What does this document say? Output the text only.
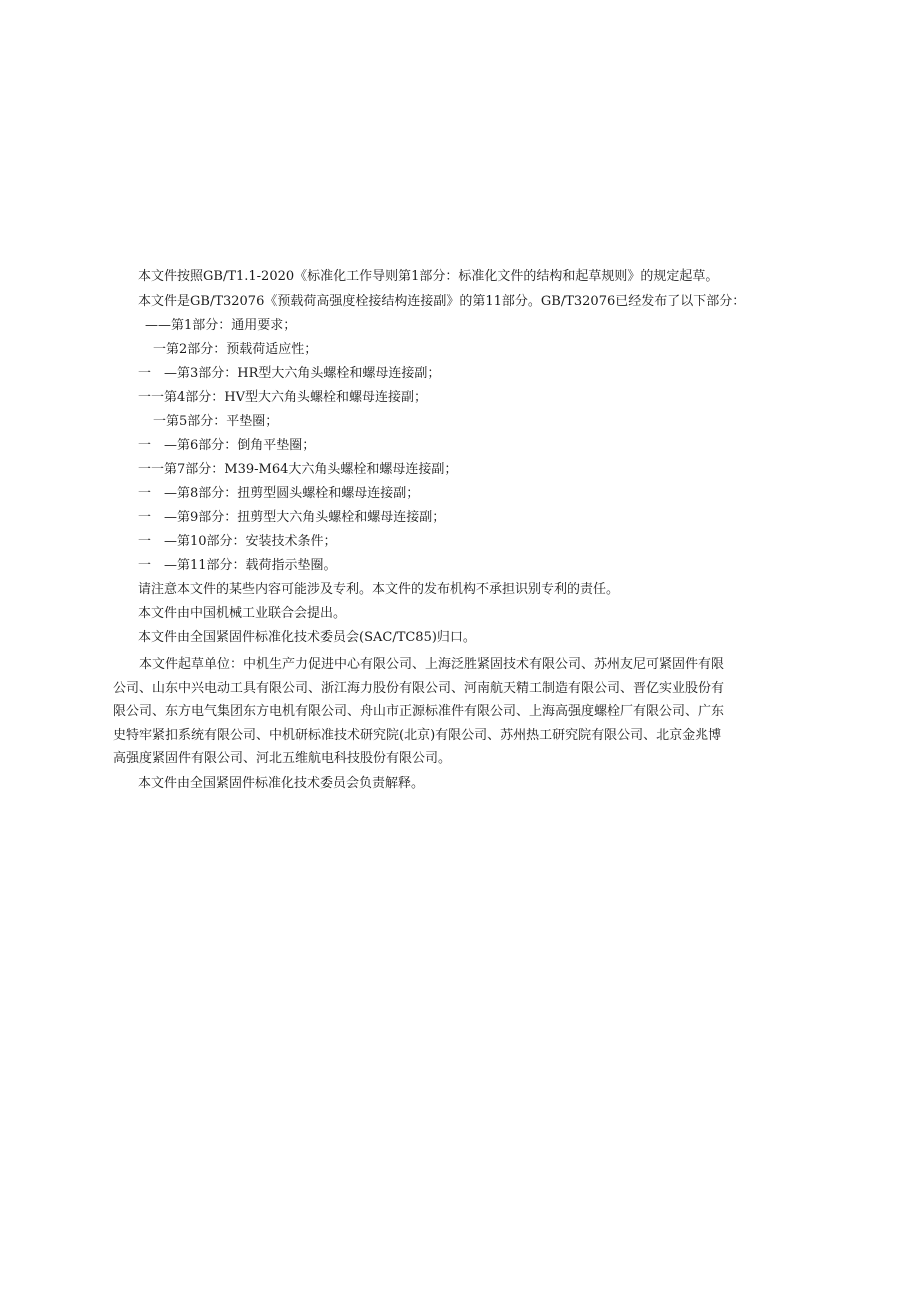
本文件按照GB/T1.1-2020《标准化工作导则第1部分：标准化文件的结构和起草规则》的规定起草。
本文件是GB/T32076《预载荷高强度栓接结构连接副》的第11部分。GB/T32076已经发布了以下部分：
——第1部分：通用要求；
一第2部分：预载荷适应性；
一　—第3部分：HR型大六角头螺栓和螺母连接副；
一一第4部分：HV型大六角头螺栓和螺母连接副；
一第5部分：平垫圈；
一　—第6部分：倒角平垫圈；
一一第7部分：M39-M64大六角头螺栓和螺母连接副；
一　—第8部分：扭剪型圆头螺栓和螺母连接副；
一　—第9部分：扭剪型大六角头螺栓和螺母连接副；
一　—第10部分：安装技术条件；
一　—第11部分：载荷指示垫圈。
请注意本文件的某些内容可能涉及专利。本文件的发布机构不承担识别专利的责任。
本文件由中国机械工业联合会提出。
本文件由全国紧固件标准化技术委员会(SAC/TC85)归口。
　　本文件起草单位：中机生产力促进中心有限公司、上海泛胜紧固技术有限公司、苏州友尼可紧固件有限
公司、山东中兴电动工具有限公司、浙江海力股份有限公司、河南航天精工制造有限公司、晋亿实业股份有
限公司、东方电气集团东方电机有限公司、舟山市正源标准件有限公司、上海高强度螺栓厂有限公司、广东
史特牢紧扣系统有限公司、中机研标准技术研究院(北京)有限公司、苏州热工研究院有限公司、北京金兆博
高强度紧固件有限公司、河北五维航电科技股份有限公司。
本文件由全国紧固件标准化技术委员会负责解释。
